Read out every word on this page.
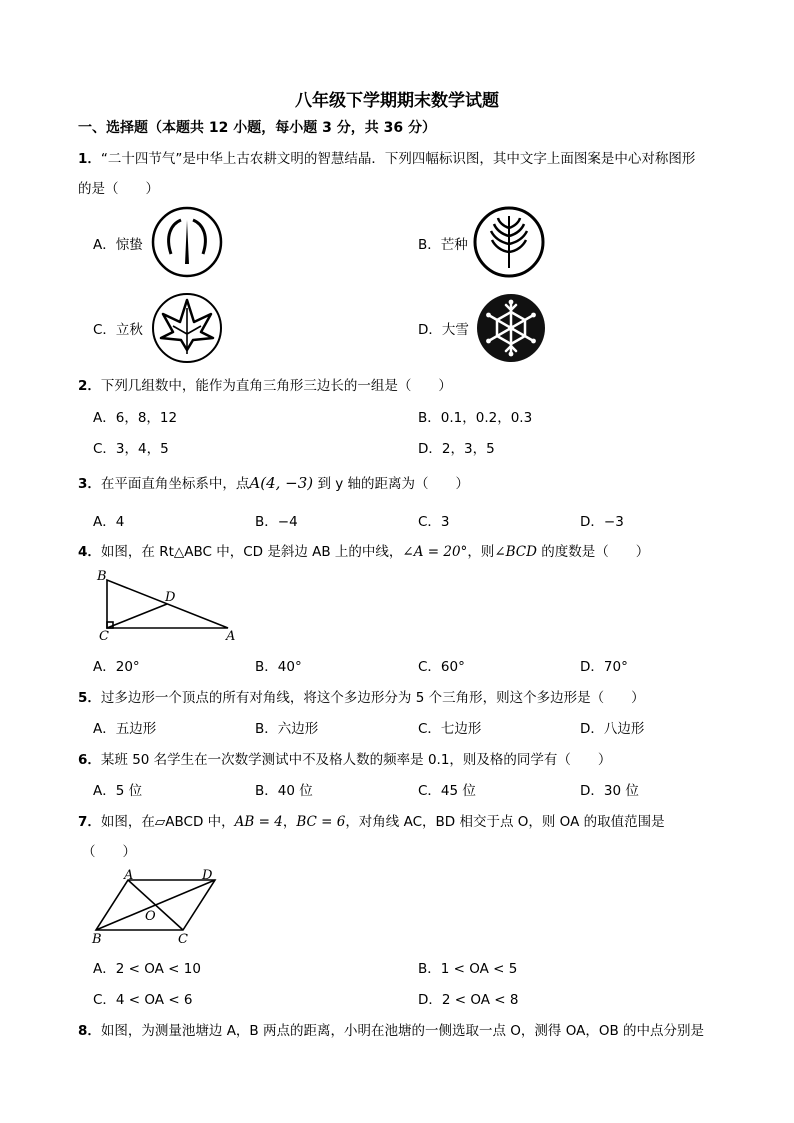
八年级下学期期末数学试题
一、选择题（本题共 12 小题，每小题 3 分，共 36 分）
1．“二十四节气”是中华上古农耕文明的智慧结晶．下列四幅标识图，其中文字上面图案是中心对称图形
的是（　　）
A．惊蛰	B．芒种
C．立秋	D．大雪
2．下列几组数中，能作为直角三角形三边长的一组是（　　）
A．6，8，12	B．0.1，0.2，0.3
C．3，4，5	D．2，3，5
3．在平面直角坐标系中，点A(4, −3) 到 y 轴的距离为（　　）
A．4	B．−4	C．3	D．−3
4．如图，在 Rt△ABC 中，CD 是斜边 AB 上的中线，∠A = 20°，则∠BCD 的度数是（　　）
B
D
C	A
A．20°	B．40°	C．60°	D．70°
5．过多边形一个顶点的所有对角线，将这个多边形分为 5 个三角形，则这个多边形是（　　）
A．五边形	B．六边形	C．七边形	D．八边形
6．某班 50 名学生在一次数学测试中不及格人数的频率是 0.1，则及格的同学有（　　）
A．5 位	B．40 位	C．45 位	D．30 位
7．如图，在▱ABCD 中，AB = 4，BC = 6，对角线 AC，BD 相交于点 O，则 OA 的取值范围是
（　　）
A	D
O
B	C
A．2 < OA < 10	B．1 < OA < 5
C．4 < OA < 6	D．2 < OA < 8
8．如图，为测量池塘边 A，B 两点的距离，小明在池塘的一侧选取一点 O，测得 OA，OB 的中点分别是
